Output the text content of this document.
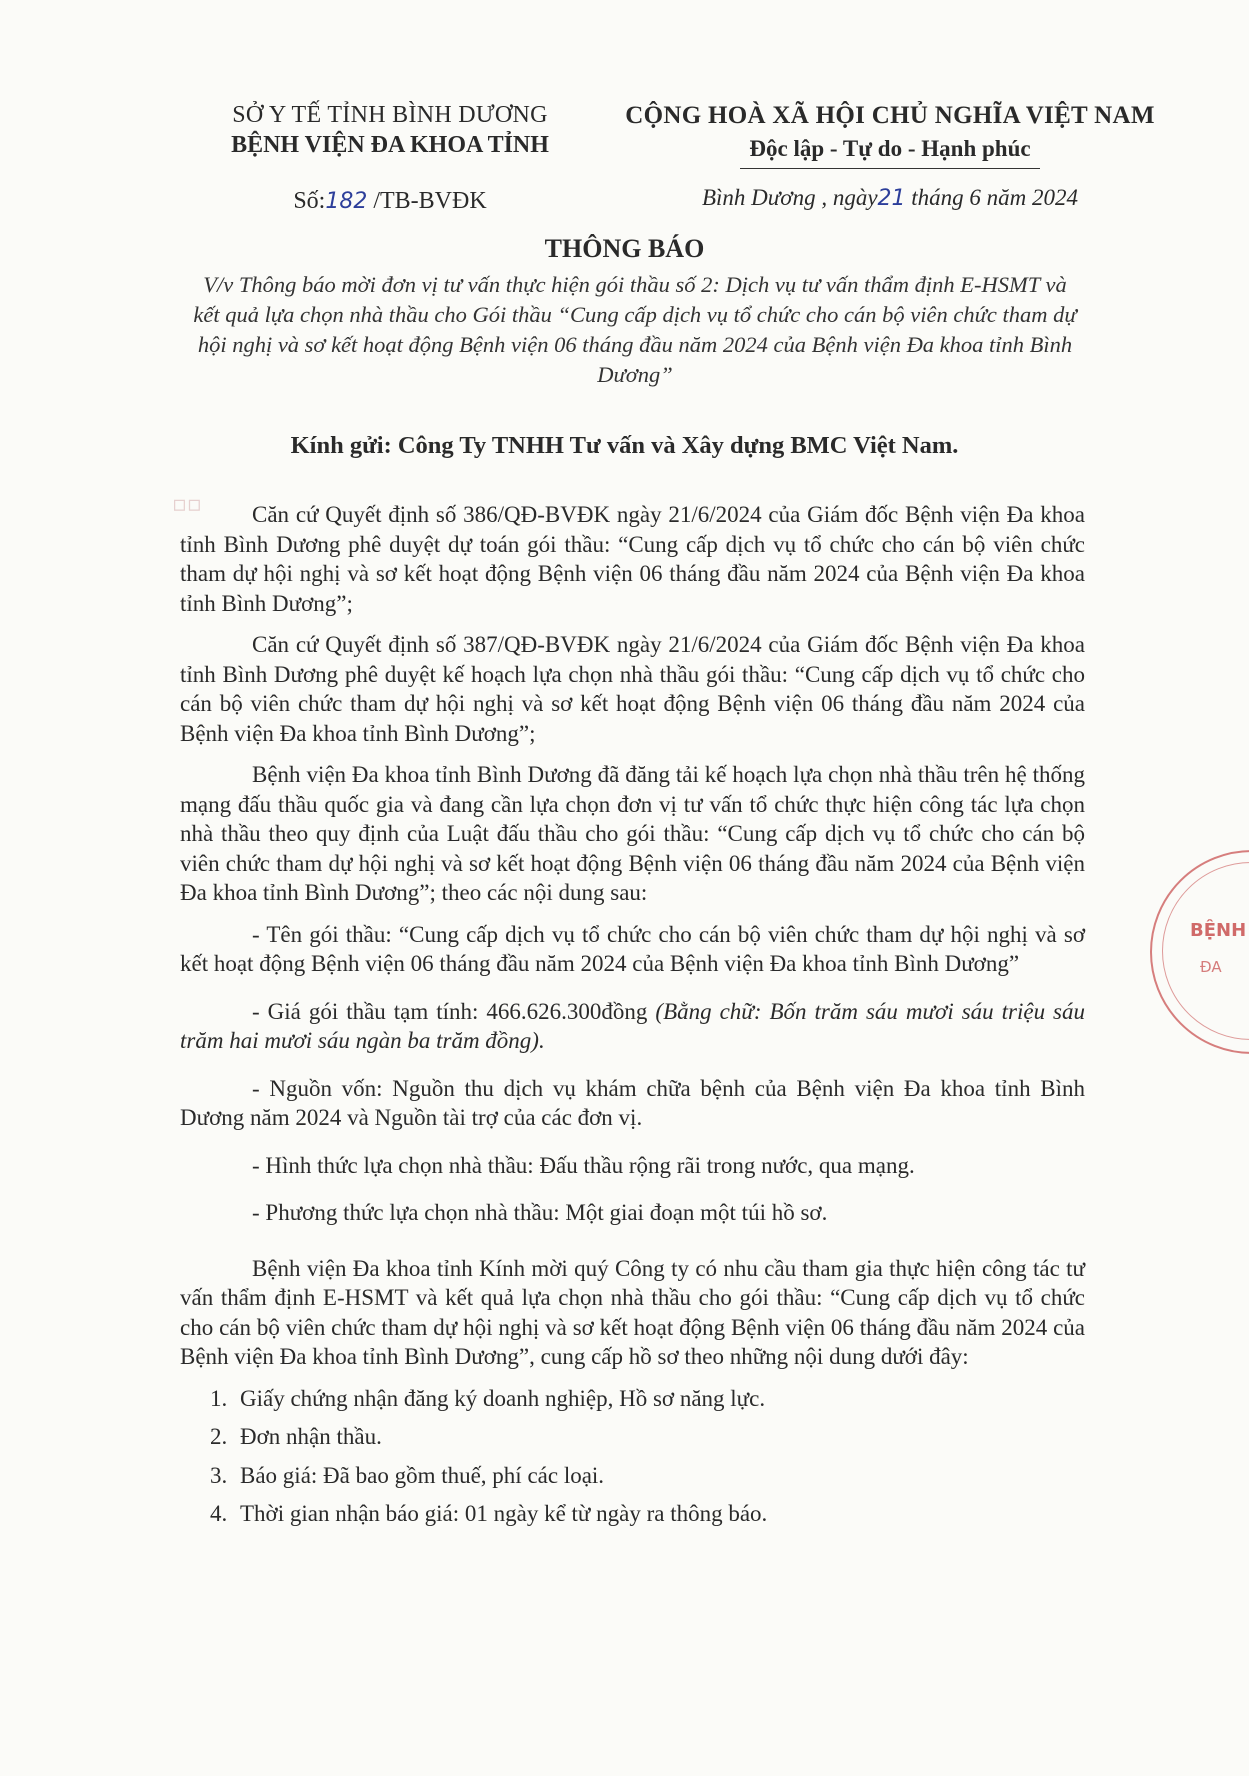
SỞ Y TẾ TỈNH BÌNH DƯƠNG
BỆNH VIỆN ĐA KHOA TỈNH
Số:182 /TB-BVĐK
CỘNG HOÀ XÃ HỘI CHỦ NGHĨA VIỆT NAM
Độc lập - Tự do - Hạnh phúc
Bình Dương , ngày21 tháng 6 năm 2024
THÔNG BÁO
V/v Thông báo mời đơn vị tư vấn thực hiện gói thầu số 2: Dịch vụ tư vấn thẩm định E-HSMT và kết quả lựa chọn nhà thầu cho Gói thầu “Cung cấp dịch vụ tổ chức cho cán bộ viên chức tham dự hội nghị và sơ kết hoạt động Bệnh viện 06 tháng đầu năm 2024 của Bệnh viện Đa khoa tỉnh Bình Dương”
Kính gửi: Công Ty TNHH Tư vấn và Xây dựng BMC Việt Nam.
▫▫	Căn cứ Quyết định số 386/QĐ-BVĐK ngày 21/6/2024 của Giám đốc Bệnh viện Đa khoa tỉnh Bình Dương phê duyệt dự toán gói thầu: “Cung cấp dịch vụ tổ chức cho cán bộ viên chức tham dự hội nghị và sơ kết hoạt động Bệnh viện 06 tháng đầu năm 2024 của Bệnh viện Đa khoa tỉnh Bình Dương”;

Căn cứ Quyết định số 387/QĐ-BVĐK ngày 21/6/2024 của Giám đốc Bệnh viện Đa khoa tỉnh Bình Dương phê duyệt kế hoạch lựa chọn nhà thầu gói thầu: “Cung cấp dịch vụ tổ chức cho cán bộ viên chức tham dự hội nghị và sơ kết hoạt động Bệnh viện 06 tháng đầu năm 2024 của Bệnh viện Đa khoa tỉnh Bình Dương”;

Bệnh viện Đa khoa tỉnh Bình Dương đã đăng tải kế hoạch lựa chọn nhà thầu trên hệ thống mạng đấu thầu quốc gia và đang cần lựa chọn đơn vị tư vấn tổ chức thực hiện công tác lựa chọn nhà thầu theo quy định của Luật đấu thầu cho gói thầu: “Cung cấp dịch vụ tổ chức cho cán bộ viên chức tham dự hội nghị và sơ kết hoạt động Bệnh viện 06 tháng đầu năm 2024 của Bệnh viện Đa khoa tỉnh Bình Dương”; theo các nội dung sau:

- Tên gói thầu: “Cung cấp dịch vụ tổ chức cho cán bộ viên chức tham dự hội nghị và sơ kết hoạt động Bệnh viện 06 tháng đầu năm 2024 của Bệnh viện Đa khoa tỉnh Bình Dương”

- Giá gói thầu tạm tính: 466.626.300đồng (Bằng chữ: Bốn trăm sáu mươi sáu triệu sáu trăm hai mươi sáu ngàn ba trăm đồng).

- Nguồn vốn: Nguồn thu dịch vụ khám chữa bệnh của Bệnh viện Đa khoa tỉnh Bình Dương năm 2024 và Nguồn tài trợ của các đơn vị.

- Hình thức lựa chọn nhà thầu: Đấu thầu rộng rãi trong nước, qua mạng.

- Phương thức lựa chọn nhà thầu: Một giai đoạn một túi hồ sơ.

Bệnh viện Đa khoa tỉnh Kính mời quý Công ty có nhu cầu tham gia thực hiện công tác tư vấn thẩm định E-HSMT và kết quả lựa chọn nhà thầu cho gói thầu: “Cung cấp dịch vụ tổ chức cho cán bộ viên chức tham dự hội nghị và sơ kết hoạt động Bệnh viện 06 tháng đầu năm 2024 của Bệnh viện Đa khoa tỉnh Bình Dương”, cung cấp hồ sơ theo những nội dung dưới đây:

1. Giấy chứng nhận đăng ký doanh nghiệp, Hồ sơ năng lực.
2. Đơn nhận thầu.
3. Báo giá: Đã bao gồm thuế, phí các loại.
4. Thời gian nhận báo giá: 01 ngày kể từ ngày ra thông báo.
BỆNH
ĐA
